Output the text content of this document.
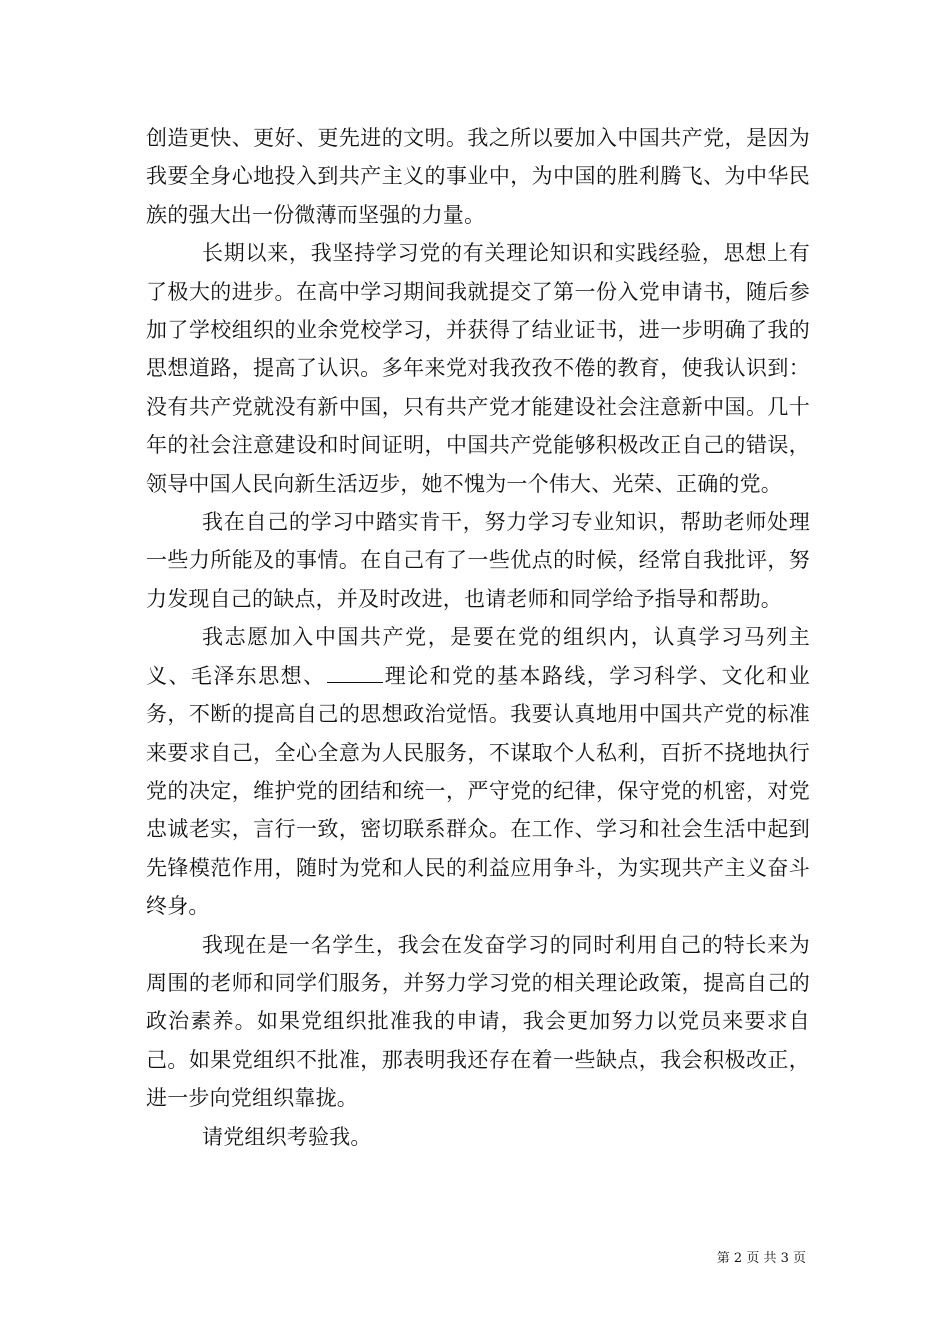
创造更快、更好、更先进的文明。我之所以要加入中国共产党，是因为我要全身心地投入到共产主义的事业中，为中国的胜利腾飞、为中华民族的强大出一份微薄而坚强的力量。

长期以来，我坚持学习党的有关理论知识和实践经验，思想上有了极大的进步。在高中学习期间我就提交了第一份入党申请书，随后参加了学校组织的业余党校学习，并获得了结业证书，进一步明确了我的思想道路，提高了认识。多年来党对我孜孜不倦的教育，使我认识到：没有共产党就没有新中国，只有共产党才能建设社会注意新中国。几十年的社会注意建设和时间证明，中国共产党能够积极改正自己的错误，领导中国人民向新生活迈步，她不愧为一个伟大、光荣、正确的党。

我在自己的学习中踏实肯干，努力学习专业知识，帮助老师处理一些力所能及的事情。在自己有了一些优点的时候，经常自我批评，努力发现自己的缺点，并及时改进，也请老师和同学给予指导和帮助。

我志愿加入中国共产党，是要在党的组织内，认真学习马列主义、毛泽东思想、	理论和党的基本路线，学习科学、文化和业务，不断的提高自己的思想政治觉悟。我要认真地用中国共产党的标准来要求自己，全心全意为人民服务，不谋取个人私利，百折不挠地执行党的决定，维护党的团结和统一，严守党的纪律，保守党的机密，对党忠诚老实，言行一致，密切联系群众。在工作、学习和社会生活中起到先锋模范作用，随时为党和人民的利益应用争斗，为实现共产主义奋斗终身。

我现在是一名学生，我会在发奋学习的同时利用自己的特长来为周围的老师和同学们服务，并努力学习党的相关理论政策，提高自己的政治素养。如果党组织批准我的申请，我会更加努力以党员来要求自己。如果党组织不批准，那表明我还存在着一些缺点，我会积极改正，进一步向党组织靠拢。

请党组织考验我。

第 2 页 共 3 页
